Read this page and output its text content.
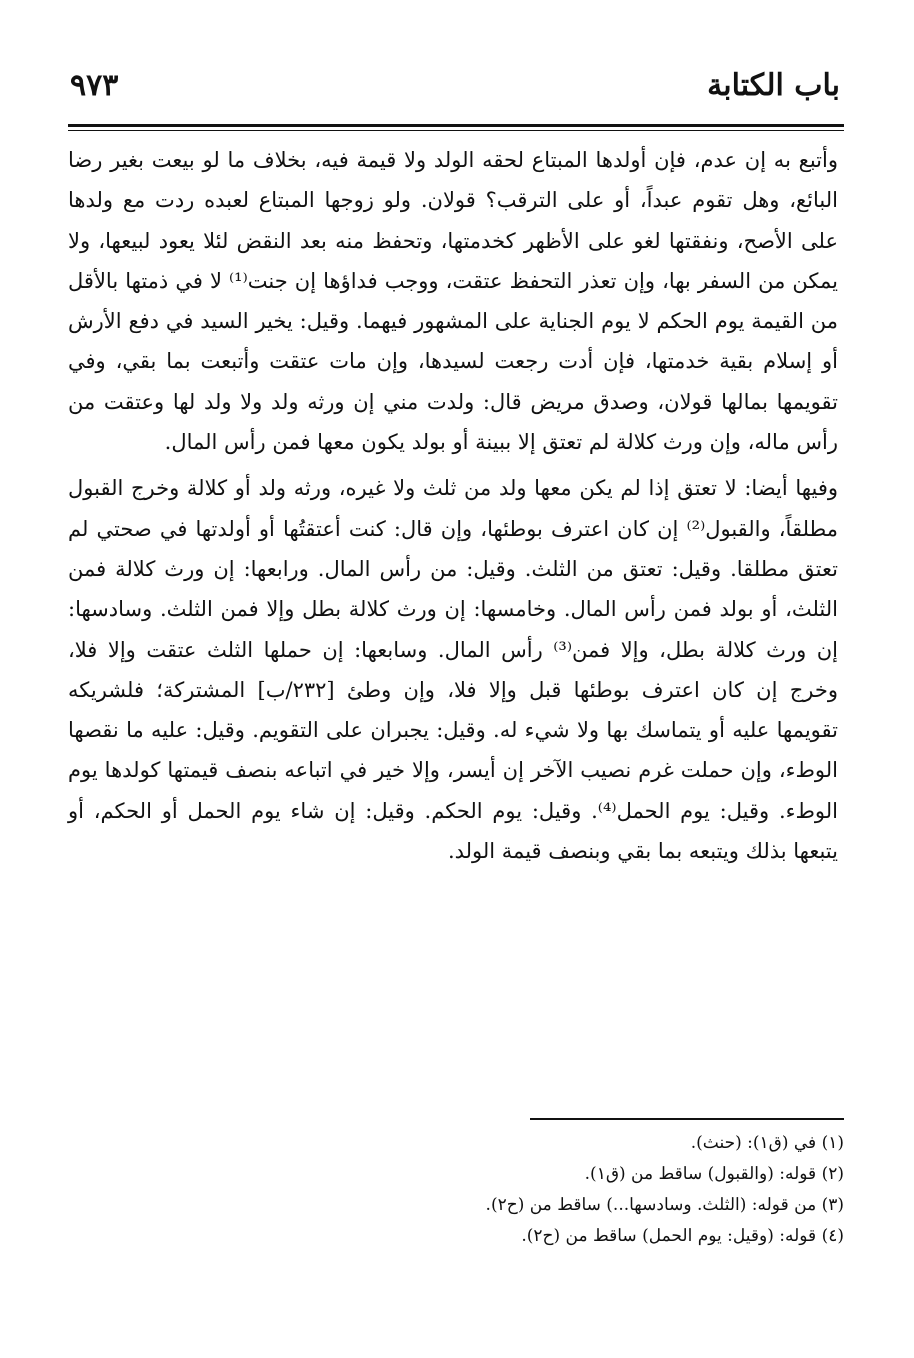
باب الكتابة
٩٧٣

وأتبع به إن عدم، فإن أولدها المبتاع لحقه الولد ولا قيمة فيه، بخلاف ما لو بيعت بغير رضا البائع، وهل تقوم عبداً، أو على الترقب؟ قولان. ولو زوجها المبتاع لعبده ردت مع ولدها على الأصح، ونفقتها لغو على الأظهر كخدمتها، وتحفظ منه بعد النقض لئلا يعود لبيعها، ولا يمكن من السفر بها، وإن تعذر التحفظ عتقت، ووجب فداؤها إن جنت⁽¹⁾ لا في ذمتها بالأقل من القيمة يوم الحكم لا يوم الجناية على المشهور فيهما. وقيل: يخير السيد في دفع الأرش أو إسلام بقية خدمتها، فإن أدت رجعت لسيدها، وإن مات عتقت وأتبعت بما بقي، وفي تقويمها بمالها قولان، وصدق مريض قال: ولدت مني إن ورثه ولد ولا ولد لها وعتقت من رأس ماله، وإن ورث كلالة لم تعتق إلا ببينة أو بولد يكون معها فمن رأس المال.

وفيها أيضا: لا تعتق إذا لم يكن معها ولد من ثلث ولا غيره، ورثه ولد أو كلالة وخرج القبول مطلقاً، والقبول⁽²⁾ إن كان اعترف بوطئها، وإن قال: كنت أعتقتُها أو أولدتها في صحتي لم تعتق مطلقا. وقيل: تعتق من الثلث. وقيل: من رأس المال. ورابعها: إن ورث كلالة فمن الثلث، أو بولد فمن رأس المال. وخامسها: إن ورث كلالة بطل وإلا فمن الثلث. وسادسها: إن ورث كلالة بطل، وإلا فمن⁽³⁾ رأس المال. وسابعها: إن حملها الثلث عتقت وإلا فلا، وخرج إن كان اعترف بوطئها قبل وإلا فلا، وإن وطئ [٢٣٢/ب] المشتركة؛ فلشريكه تقويمها عليه أو يتماسك بها ولا شيء له. وقيل: يجبران على التقويم. وقيل: عليه ما نقصها الوطء، وإن حملت غرم نصيب الآخر إن أيسر، وإلا خير في اتباعه بنصف قيمتها كولدها يوم الوطء. وقيل: يوم الحمل⁽⁴⁾. وقيل: يوم الحكم. وقيل: إن شاء يوم الحمل أو الحكم، أو يتبعها بذلك ويتبعه بما بقي وبنصف قيمة الولد.

(١) في (ق١): (حنث).

(٢) قوله: (والقبول) ساقط من (ق١).

(٣) من قوله: (الثلث. وسادسها...) ساقط من (ح٢).

(٤) قوله: (وقيل: يوم الحمل) ساقط من (ح٢).
